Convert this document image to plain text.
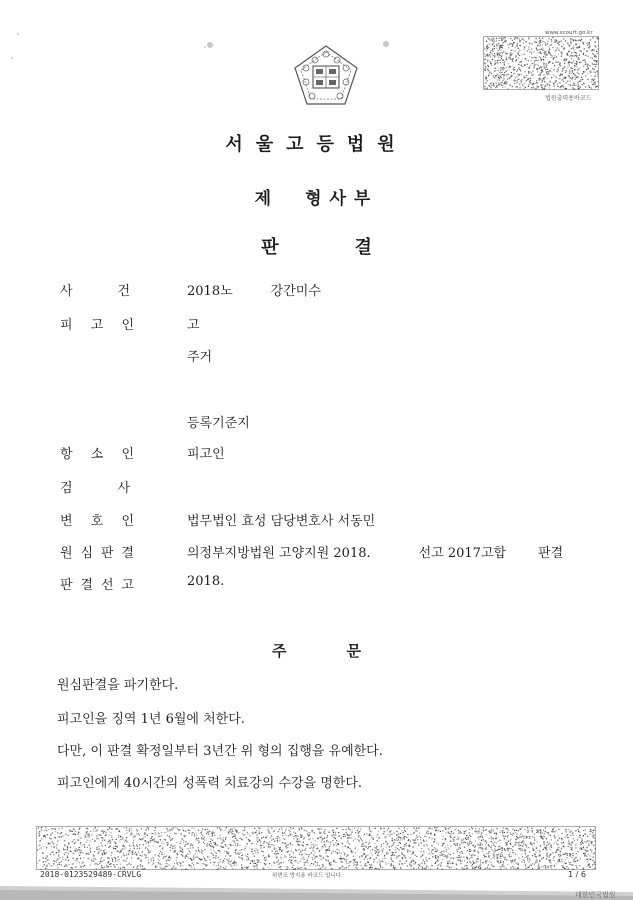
www.scourt.go.kr
법원출력용바코드
서울고등법원
제 형사부
판	결
사	건	2018노	강간미수
피 고 인	고
주거
등록기준지
항 소 인	피고인
검	사
변 호 인	법무법인 효성 담당변호사 서동민
원 심 판 결	의정부지방법원 고양지원 2018.	선고 2017고합 판결
판 결 선 고	2018.
주	문
원심판결을 파기한다.
피고인을 징역 1년 6월에 처한다.
다만, 이 판결 확정일부터 3년간 위 형의 집행을 유예한다.
피고인에게 40시간의 성폭력 치료강의 수강을 명한다.
2018-0123529489-CRVLG	위변조 방지용 바코드 입니다.	1 / 6
대한민국법원
